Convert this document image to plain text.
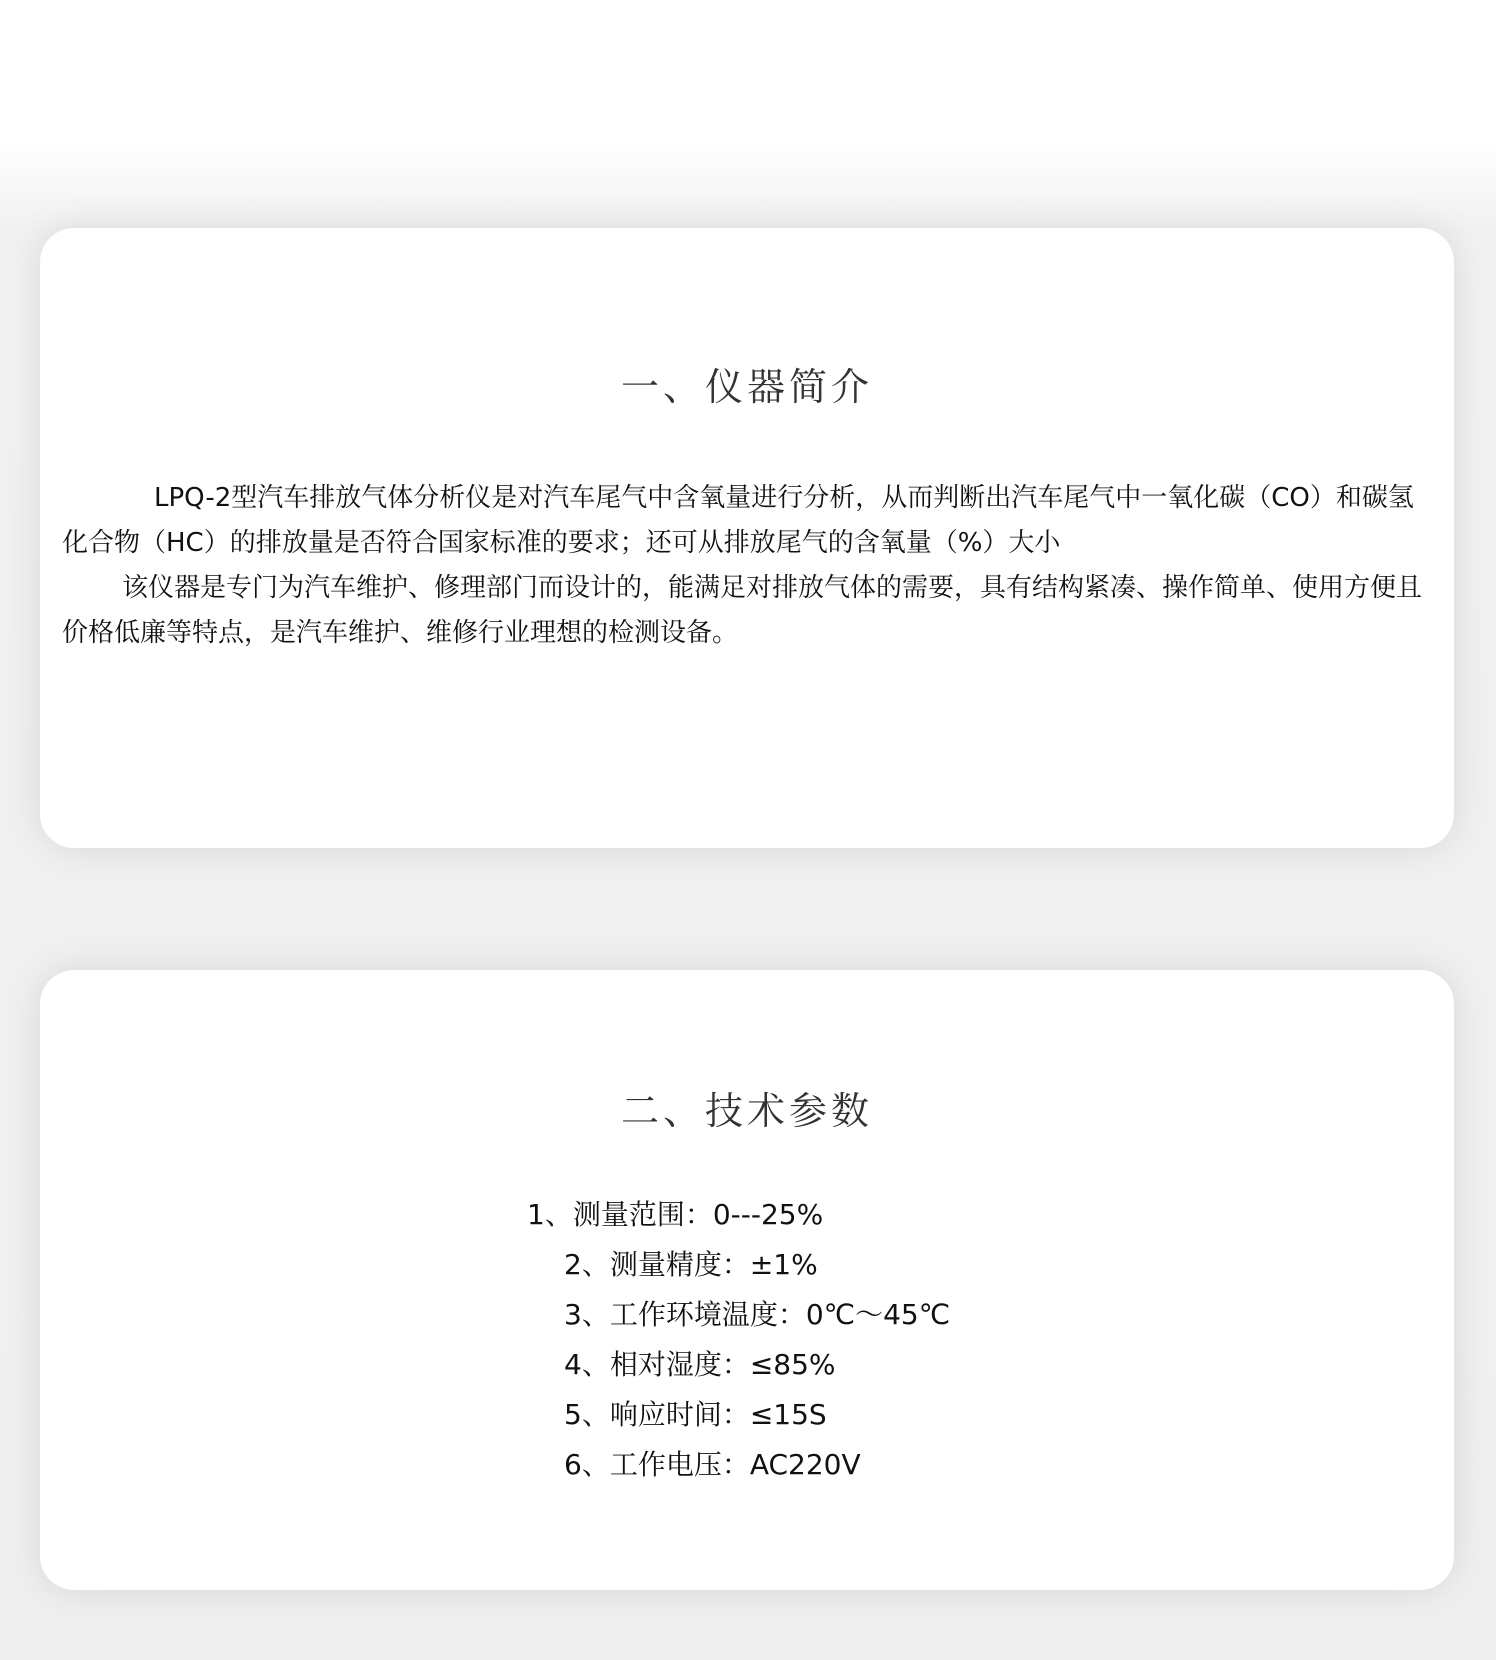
一、仪器简介

LPQ-2型汽车排放气体分析仪是对汽车尾气中含氧量进行分析，从而判断出汽车尾气中一氧化碳（CO）和碳氢化合物（HC）的排放量是否符合国家标准的要求；还可从排放尾气的含氧量（%）大小

该仪器是专门为汽车维护、修理部门而设计的，能满足对排放气体的需要，具有结构紧凑、操作简单、使用方便且价格低廉等特点，是汽车维护、维修行业理想的检测设备。

二、技术参数
1、测量范围：0---25%
2、测量精度：±1%
3、工作环境温度：0℃～45℃
4、相对湿度：≤85%
5、响应时间：≤15S
6、工作电压：AC220V
